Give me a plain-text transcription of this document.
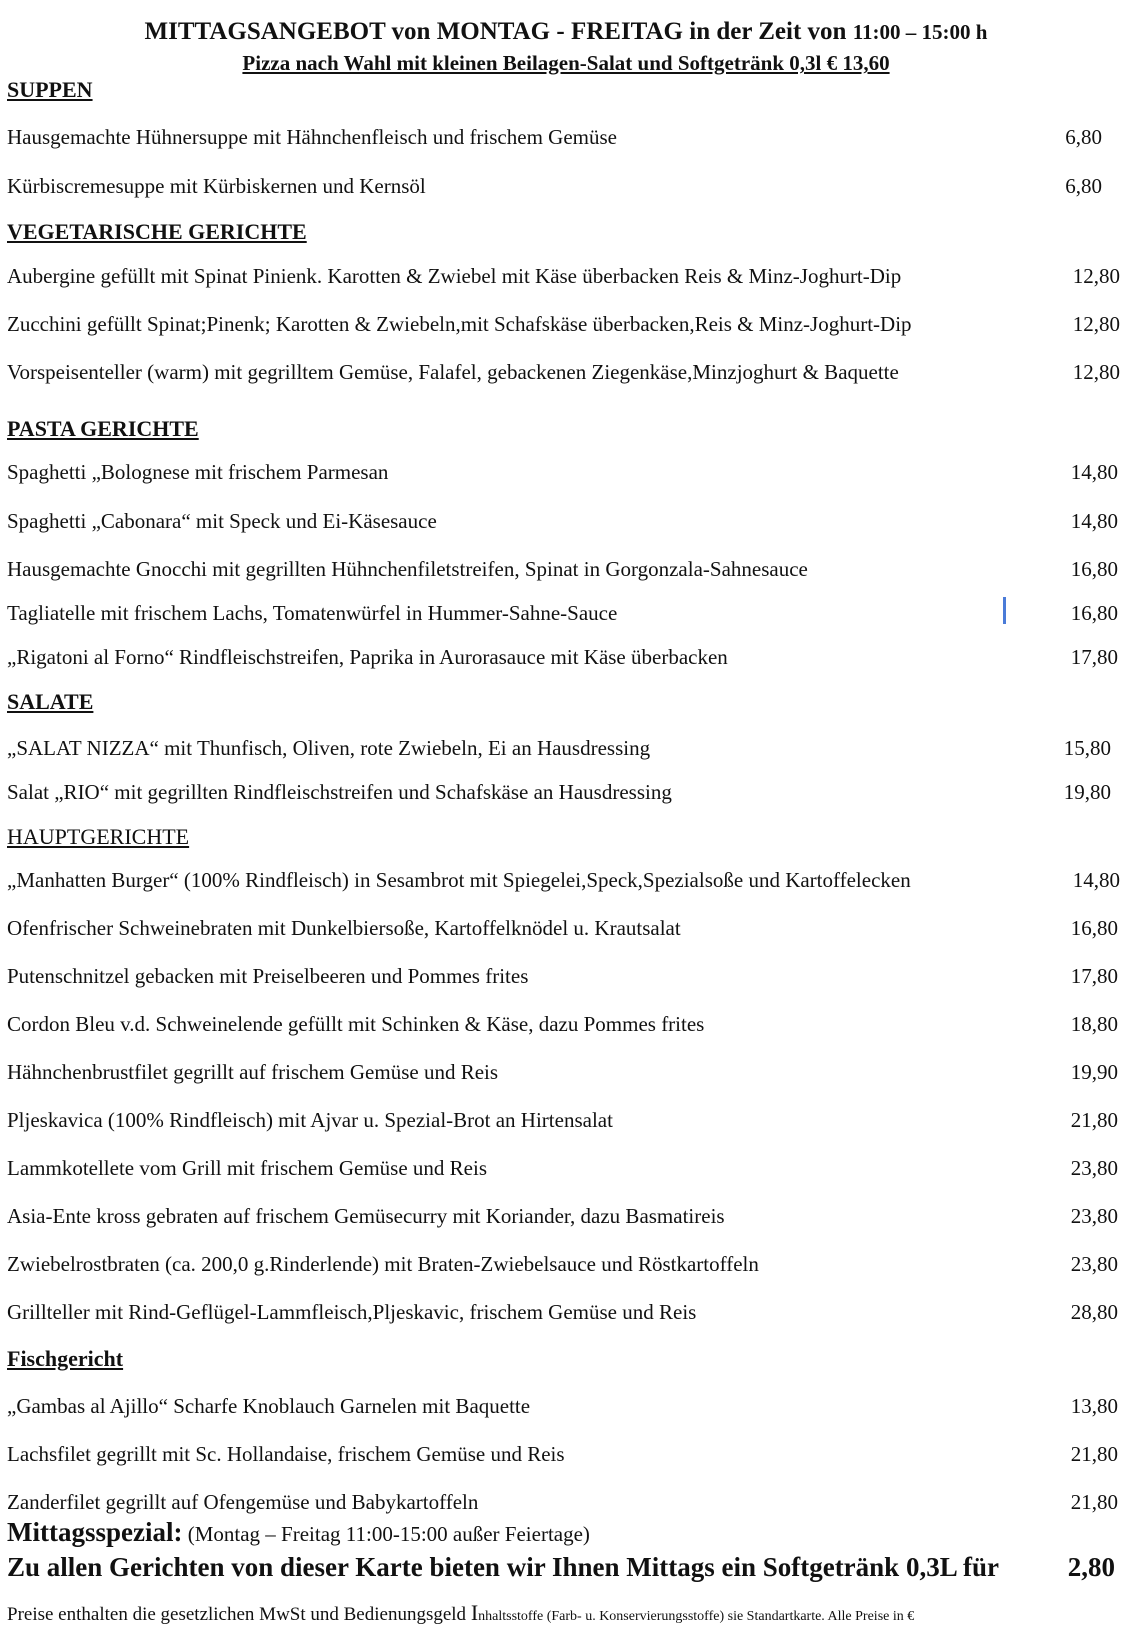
MITTAGSANGEBOT von MONTAG - FREITAG in der Zeit von 11:00 – 15:00 h
Pizza nach Wahl mit kleinen Beilagen-Salat und Softgetränk 0,3l € 13,60
SUPPEN
Hausgemachte Hühnersuppe mit Hähnchenfleisch und frischem Gemüse	6,80
Kürbiscremesuppe mit Kürbiskernen und Kernsöl	6,80
VEGETARISCHE GERICHTE
Aubergine gefüllt mit Spinat Pinienk. Karotten & Zwiebel mit Käse überbacken Reis & Minz-Joghurt-Dip	12,80
Zucchini gefüllt Spinat;Pinenk; Karotten & Zwiebeln,mit Schafskäse überbacken,Reis & Minz-Joghurt-Dip	12,80
Vorspeisenteller (warm) mit gegrilltem Gemüse, Falafel, gebackenen Ziegenkäse,Minzjoghurt & Baquette	12,80
PASTA GERICHTE
Spaghetti „Bolognese mit frischem Parmesan	14,80
Spaghetti „Cabonara“ mit Speck und Ei-Käsesauce	14,80
Hausgemachte Gnocchi mit gegrillten Hühnchenfiletstreifen, Spinat in Gorgonzala-Sahnesauce	16,80
Tagliatelle mit frischem Lachs, Tomatenwürfel in Hummer-Sahne-Sauce	16,80
„Rigatoni al Forno“ Rindfleischstreifen, Paprika in Aurorasauce mit Käse überbacken	17,80
SALATE
„SALAT NIZZA“ mit Thunfisch, Oliven, rote Zwiebeln, Ei an Hausdressing	15,80
Salat „RIO“ mit gegrillten Rindfleischstreifen und Schafskäse an Hausdressing	19,80
HAUPTGERICHTE
„Manhatten Burger“ (100% Rindfleisch) in Sesambrot mit Spiegelei,Speck,Spezialsoße und Kartoffelecken	14,80
Ofenfrischer Schweinebraten mit Dunkelbiersoße, Kartoffelknödel u. Krautsalat	16,80
Putenschnitzel gebacken mit Preiselbeeren und Pommes frites	17,80
Cordon Bleu v.d. Schweinelende gefüllt mit Schinken & Käse, dazu Pommes frites	18,80
Hähnchenbrustfilet gegrillt auf frischem Gemüse und Reis	19,90
Pljeskavica (100% Rindfleisch) mit Ajvar u. Spezial-Brot an Hirtensalat	21,80
Lammkotellete vom Grill mit frischem Gemüse und Reis	23,80
Asia-Ente kross gebraten auf frischem Gemüsecurry mit Koriander, dazu Basmatireis	23,80
Zwiebelrostbraten (ca. 200,0 g.Rinderlende) mit Braten-Zwiebelsauce und Röstkartoffeln	23,80
Grillteller mit Rind-Geflügel-Lammfleisch,Pljeskavic, frischem Gemüse und Reis	28,80
Fischgericht
„Gambas al Ajillo“ Scharfe Knoblauch Garnelen mit Baquette	13,80
Lachsfilet gegrillt mit Sc. Hollandaise, frischem Gemüse und Reis	21,80
Zanderfilet gegrillt auf Ofengemüse und Babykartoffeln	21,80
Mittagsspezial: (Montag – Freitag 11:00-15:00 außer Feiertage)
Zu allen Gerichten von dieser Karte bieten wir Ihnen Mittags ein Softgetränk 0,3L für	2,80
Preise enthalten die gesetzlichen MwSt und Bedienungsgeld Inhaltsstoffe (Farb- u. Konservierungsstoffe) sie Standartkarte. Alle Preise in €
